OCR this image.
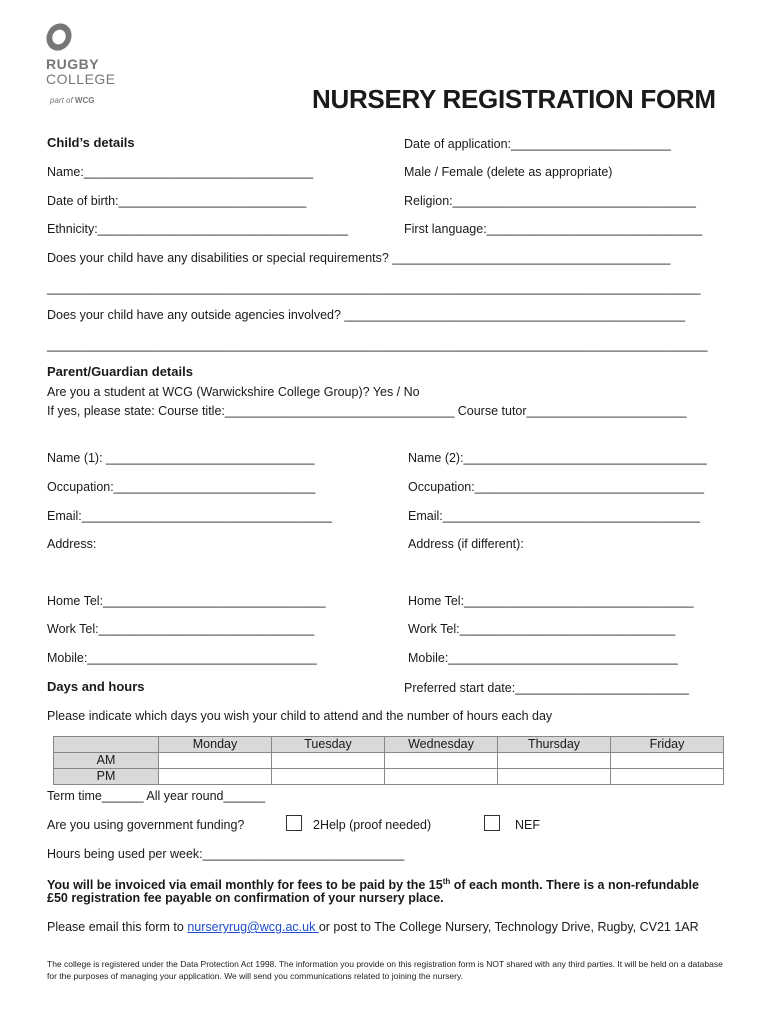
RUGBY
COLLEGE
part of WCG	NURSERY REGISTRATION FORM
Child’s details	Date of application:_______________________
Name:_________________________________	Male / Female (delete as appropriate)
Date of birth:___________________________	Religion:___________________________________
Ethnicity:____________________________________	First language:_______________________________
Does your child have any disabilities or special requirements? ________________________________________
______________________________________________________________________________________________
Does your child have any outside agencies involved? _________________________________________________
_______________________________________________________________________________________________
Parent/Guardian details
Are you a student at WCG (Warwickshire College Group)? Yes / No
If yes, please state: Course title:_________________________________ Course tutor_______________________
Name (1): ______________________________	Name (2):___________________________________
Occupation:_____________________________	Occupation:_________________________________
Email:____________________________________	Email:_____________________________________
Address:	Address (if different):
Home Tel:________________________________	Home Tel:_________________________________
Work Tel:_______________________________	Work Tel:_______________________________
Mobile:_________________________________	Mobile:_________________________________
Days and hours	Preferred start date:_________________________
Please indicate which days you wish your child to attend and the number of hours each day
	Monday	Tuesday	Wednesday	Thursday	Friday
AM					
PM					
Term time______ All year round______
Are you using government funding?	2Help (proof needed)	NEF
Hours being used per week:_____________________________
You will be invoiced via email monthly for fees to be paid by the 15th of each month. There is a non-refundable
£50 registration fee payable on confirmation of your nursery place.
Please email this form to nurseryrug@wcg.ac.uk or post to The College Nursery, Technology Drive, Rugby, CV21 1AR
The college is registered under the Data Protection Act 1998. The information you provide on this registration form is NOT shared with any third parties. It will be held on a database for the purposes of managing your application. We will send you communications related to joining the nursery.
